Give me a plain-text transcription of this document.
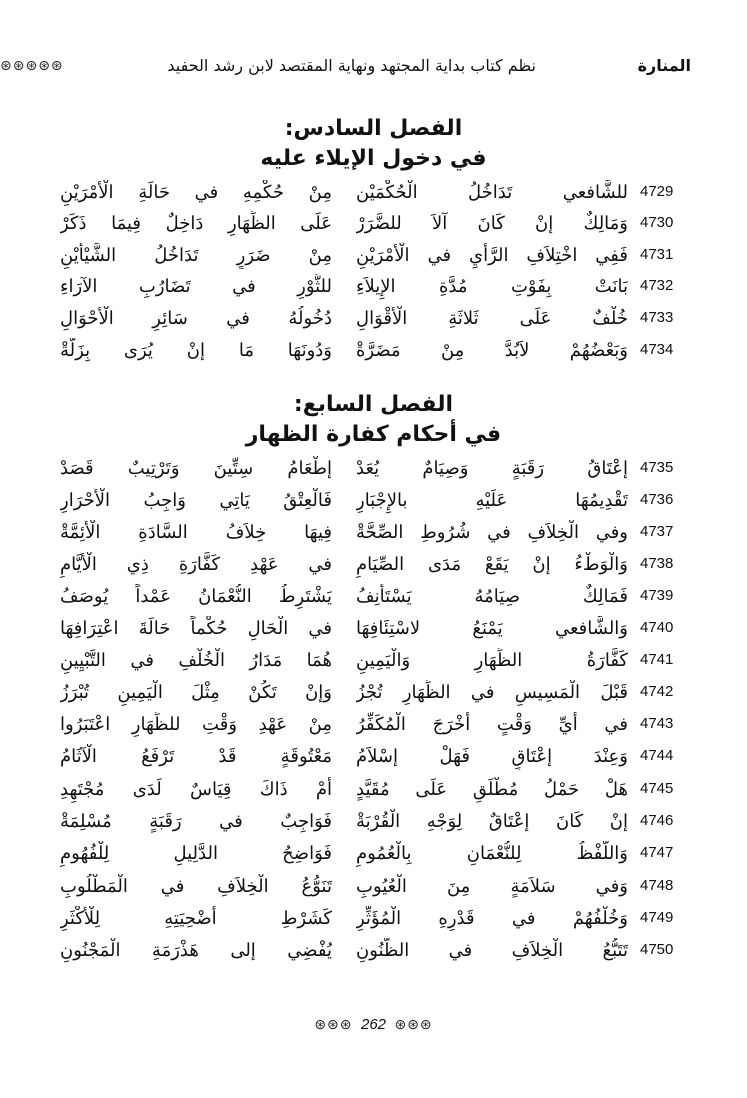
⊛⊛⊛⊛⊛	نظم كتاب بداية المجتهد ونهاية المقتصد لابن رشد الحفيد	المنارة
الفصل السادس:
في دخول الإيلاء عليه
4729
للشَّافعي تَدَاخُلُ الْحُكْمَيْن
مِنْ حُكْمِهِ في حَالَةِ الْأَمْرَيْنِ
4730
وَمَالِكٌ إنْ كَانَ آلاَ للضَّرَرْ
عَلَى الظِّهَارِ دَاخِلٌ فِيمَا ذَكَرْ
4731
فَفِي اخْتِلاَفِ الرَّأْيِ في الْأَمْرَيْنِ
مِنْ ضَرَرٍ تَدَاخُلُ الشَّيْأَيْنِ
4732
بَانَتْ بِفَوْتِ مُدَّةِ الإِيلاَءِ
للثَّوْرِ في تَضَارُبِ الآرَاءِ
4733
خُلْفٌ عَلَى ثَلاثَةِ الْأَقْوَالِ
دُخُولُهُ في سَائِرِ الْأَحْوَالِ
4734
وَبَعْضُهُمْ لاَبُدَّ مِنْ مَضَرَّةْ
وَدُونَهَا مَا إنْ يُرَى بِزَلَّةْ
الفصل السابع:
في أحكام كفارة الظهار
4735
إعْتَاقُ رَقَبَةٍ وَصِيَامٌ يُعَدْ
إطْعَامُ سِتِّينَ وَتَرْتِيبٌ قَصَدْ
4736
تَقْدِيمُهَا عَلَيْهِ بالإِجْبَارِ
فَالْعِتْقُ يَاتِي وَاجِبُ الْأَحْرَارِ
4737
وفي الْخِلاَفِ في شُرُوطِ الصِّحَّةْ
فِيهَا خِلاَفُ السَّادَةِ الْأَئِمَّةْ
4738
وَالْوَطْءُ إنْ يَقَعْ مَدَى الصِّيَامِ
في عَهْدِ كَفَّارَةِ ذِي الْأَيَّامِ
4739
فَمَالِكٌ صِيَامُهُ يَسْتَأْنِفُ
يَشْتَرِطُ النُّعْمَانُ عَمْداً يُوصَفُ
4740
وَالشَّافعي يَمْنَعُ لاسْتِئَافِهَا
في الْحَالِ حُكْماً حَالَةَ اعْتِرَافِهَا
4741
كَفَّارَةُ الظِّهَارِ وَالْيَمِينِ
هُمَا مَدَارُ الْخُلْفِ في التَّبْيِينِ
4742
قَبْلَ الْمَسِيسِ في الظِّهَارِ تُجْزُ
وَإنْ تَكُنْ مِثْلَ الْيَمِينِ تُبْرَزُ
4743
في أيِّ وَقْتٍ أَخْرَجَ الْمُكَفِّرُ
مِنْ عَهْدِ وَقْتِ للظِّهَارِ اعْتَبَرُوا
4744
وَعِنْدَ إعْتَاقٍ فَهَلْ إسْلاَمُ
مَعْتُوقَةٍ قَدْ تَرْفَعُ الْآثَامُ
4745
هَلْ حَمْلُ مُطْلَقٍ عَلَى مُقَيَّدٍ
أَمْ ذَاكَ قِيَاسٌ لَدَى مُجْتَهِدِ
4746
إنْ كَانَ إعْتَاقٌ لِوَجْهِ الْقُرْبَةْ
فَوَاجِبٌ في رَقَبَةٍ مُسْلِمَةْ
4747
وَاللَّفْظُ لِلنُّعْمَانِ بِالْعُمُومِ
فَوَاضِحُ الدَّلِيلِ لِلْفُهُومِ
4748
وَفي سَلاَمَةٍ مِنَ الْعُيُوبِ
تَنَوُّعُ الْخِلاَفِ في الْمَطْلُوبِ
4749
وَخُلْفُهُمْ في قَدْرِهِ الْمُؤَثِّرِ
كَشَرْطِ أُضْحِيَتِهِ لِلْأَكْثَرِ
4750
تَتَبُّعُ الْخِلاَفِ في الظُّنُونِ
يُفْضِي إلى هَذْرَمَةِ الْمَجْنُونِ
⊛⊛⊛ 262 ⊛⊛⊛
